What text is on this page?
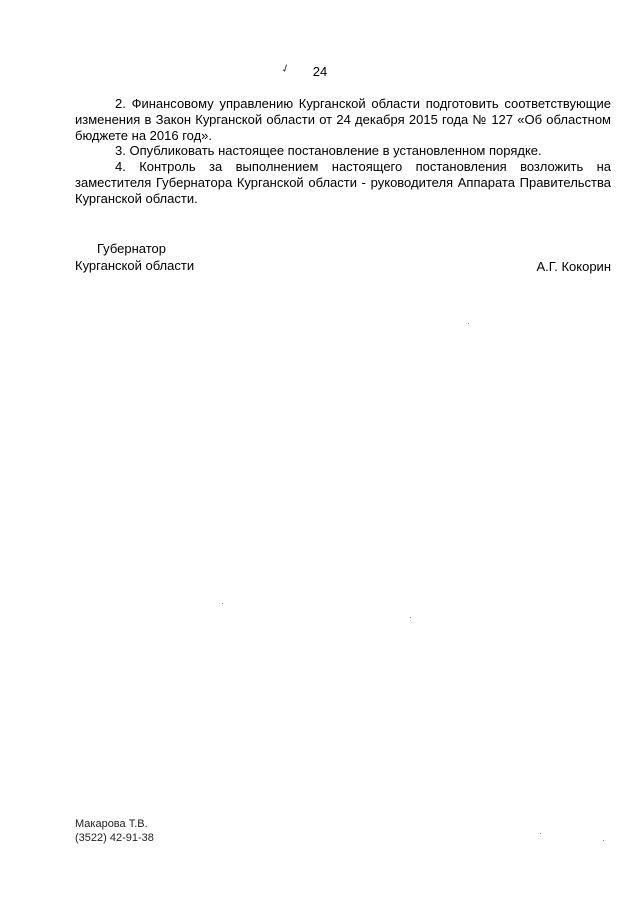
✓	24

2. Финансовому управлению Курганской области подготовить соответствующие изменения в Закон Курганской области от 24 декабря 2015 года № 127 «Об областном бюджете на 2016 год».

3. Опубликовать настоящее постановление в установленном порядке.

4. Контроль за выполнением настоящего постановления возложить на заместителя Губернатора Курганской области - руководителя Аппарата Правительства Курганской области.

Губернатор
Курганской области	А.Г. Кокорин
Макарова Т.В.
(3522) 42-91-38
